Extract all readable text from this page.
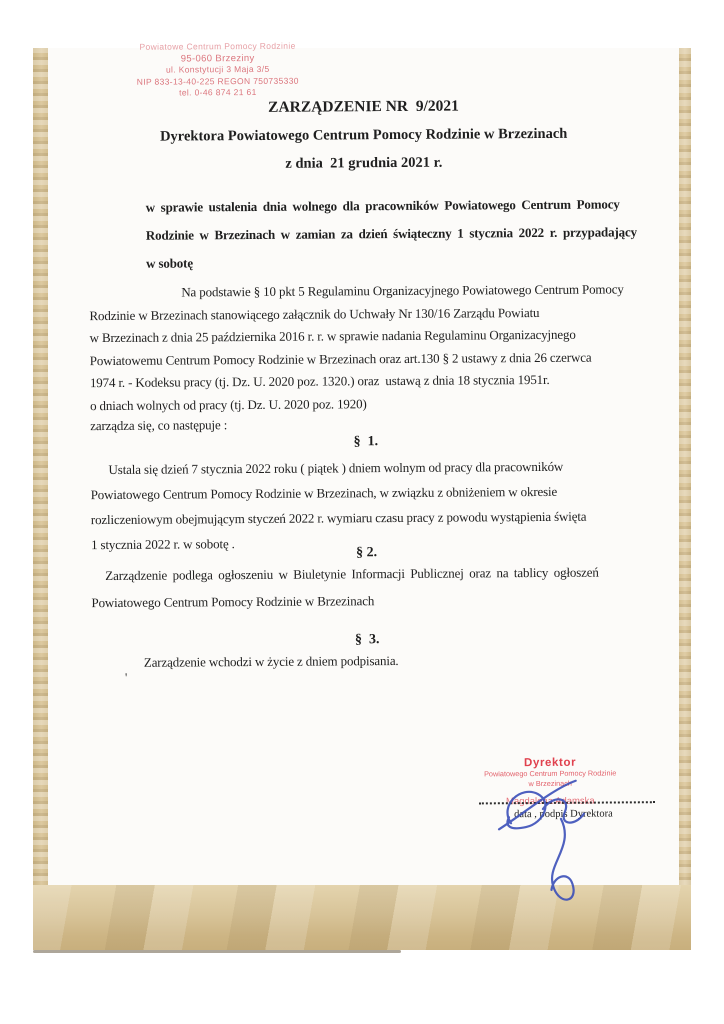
Powiatowe Centrum Pomocy Rodzinie
95-060 Brzeziny
ul. Konstytucji 3 Maja 3/5
NIP 833-13-40-225 REGON 750735330
tel. 0-46 874 21 61
ZARZĄDZENIE NR  9/2021
Dyrektora Powiatowego Centrum Pomocy Rodzinie w Brzezinach
z dnia  21 grudnia 2021 r.
w sprawie ustalenia dnia wolnego dla pracowników Powiatowego Centrum Pomocy
Rodzinie w Brzezinach w zamian za dzień świąteczny 1 stycznia 2022 r. przypadający
w sobotę
Na podstawie § 10 pkt 5 Regulaminu Organizacyjnego Powiatowego Centrum Pomocy
Rodzinie w Brzezinach stanowiącego załącznik do Uchwały Nr 130/16 Zarządu Powiatu
w Brzezinach z dnia 25 października 2016 r. r. w sprawie nadania Regulaminu Organizacyjnego
Powiatowemu Centrum Pomocy Rodzinie w Brzezinach oraz art.130 § 2 ustawy z dnia 26 czerwca
1974 r. - Kodeksu pracy (tj. Dz. U. 2020 poz. 1320.) oraz  ustawą z dnia 18 stycznia 1951r.
o dniach wolnych od pracy (tj. Dz. U. 2020 poz. 1920)
zarządza się, co następuje :
§  1.
Ustala się dzień 7 stycznia 2022 roku ( piątek ) dniem wolnym od pracy dla pracowników
Powiatowego Centrum Pomocy Rodzinie w Brzezinach, w związku z obniżeniem w okresie
rozliczeniowym obejmującym styczeń 2022 r. wymiaru czasu pracy z powodu wystąpienia święta
1 stycznia 2022 r. w sobotę .
§ 2.
Zarządzenie podlega ogłoszeniu w Biuletynie Informacji Publicznej oraz na tablicy ogłoszeń
Powiatowego Centrum Pomocy Rodzinie w Brzezinach
§  3.
Zarządzenie wchodzi w życie z dniem podpisania.
'
Dyrektor
Powiatowego Centrum Pomocy Rodzinie
w Brzezinach
Magdalena Adamska
data , podpis Dyrektora
